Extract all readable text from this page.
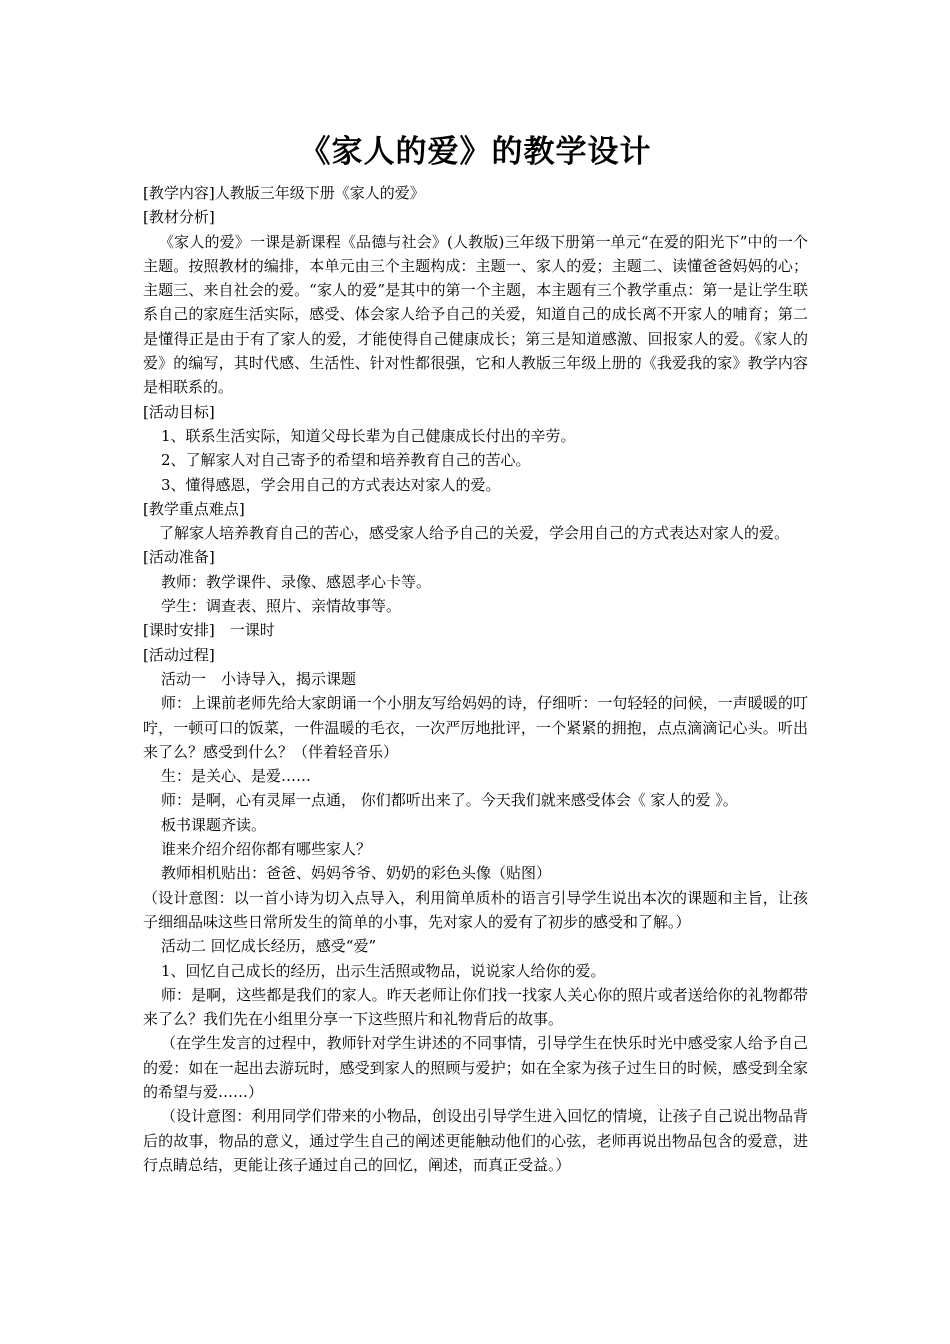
《家人的爱》的教学设计

[教学内容]人教版三年级下册《家人的爱》

[教材分析]

《家人的爱》一课是新课程《品德与社会》(人教版)三年级下册第一单元“在爱的阳光下”中的一个主题。按照教材的编排，本单元由三个主题构成：主题一、家人的爱；主题二、读懂爸爸妈妈的心；主题三、来自社会的爱。“家人的爱”是其中的第一个主题，本主题有三个教学重点：第一是让学生联系自己的家庭生活实际，感受、体会家人给予自己的关爱，知道自己的成长离不开家人的哺育；第二是懂得正是由于有了家人的爱，才能使得自己健康成长；第三是知道感激、回报家人的爱。《家人的爱》的编写，其时代感、生活性、针对性都很强，它和人教版三年级上册的《我爱我的家》教学内容是相联系的。

[活动目标]

1、联系生活实际，知道父母长辈为自己健康成长付出的辛劳。

2、了解家人对自己寄予的希望和培养教育自己的苦心。

3、懂得感恩，学会用自己的方式表达对家人的爱。

[教学重点难点]

了解家人培养教育自己的苦心，感受家人给予自己的关爱，学会用自己的方式表达对家人的爱。

[活动准备]

教师：教学课件、录像、感恩孝心卡等。

学生：调查表、照片、亲情故事等。

[课时安排]　一课时

[活动过程]

活动一　小诗导入，揭示课题

师：上课前老师先给大家朗诵一个小朋友写给妈妈的诗，仔细听：一句轻轻的问候，一声暖暖的叮咛，一顿可口的饭菜，一件温暖的毛衣，一次严厉地批评，一个紧紧的拥抱，点点滴滴记心头。听出来了么？感受到什么？（伴着轻音乐）

生：是关心、是爱……

师：是啊，心有灵犀一点通， 你们都听出来了。今天我们就来感受体会《 家人的爱 》。

板书课题齐读。

谁来介绍介绍你都有哪些家人？

教师相机贴出：爸爸、妈妈爷爷、奶奶的彩色头像（贴图）

（设计意图：以一首小诗为切入点导入，利用简单质朴的语言引导学生说出本次的课题和主旨，让孩子细细品味这些日常所发生的简单的小事，先对家人的爱有了初步的感受和了解。）

活动二 回忆成长经历，感受“爱”

1、回忆自己成长的经历，出示生活照或物品，说说家人给你的爱。

师：是啊，这些都是我们的家人。昨天老师让你们找一找家人关心你的照片或者送给你的礼物都带来了么？我们先在小组里分享一下这些照片和礼物背后的故事。

（在学生发言的过程中，教师针对学生讲述的不同事情，引导学生在快乐时光中感受家人给予自己的爱：如在一起出去游玩时，感受到家人的照顾与爱护；如在全家为孩子过生日的时候，感受到全家的希望与爱……）

（设计意图：利用同学们带来的小物品，创设出引导学生进入回忆的情境，让孩子自己说出物品背后的故事，物品的意义，通过学生自己的阐述更能触动他们的心弦，老师再说出物品包含的爱意，进行点睛总结，更能让孩子通过自己的回忆，阐述，而真正受益。）
